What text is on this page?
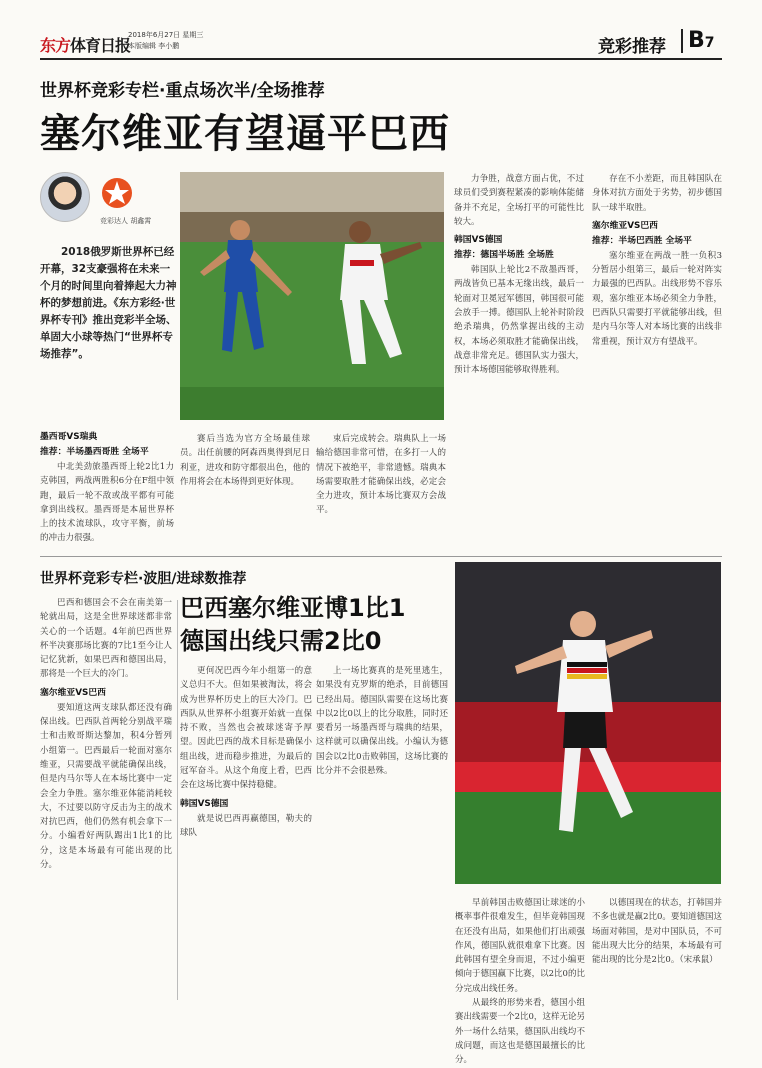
东方体育日报
2018年6月27日 星期三
本版编辑 李小鹏	竞彩推荐 B7
世界杯竞彩专栏·重点场次半/全场推荐
塞尔维亚有望逼平巴西
竞彩达人 胡鑫霄
2018俄罗斯世界杯已经开幕，32支豪强将在未来一个月的时间里向着捧起大力神杯的梦想前进。《东方彩经·世界杯专刊》推出竞彩半全场、单固大小球等热门“世界杯专场推荐”。
墨西哥VS瑞典
推荐：半场墨西哥胜 全场平

中北美劲旅墨西哥上轮2比1力克韩国，两战两胜积6分在F组中领跑，最后一轮不敌或战平都有可能拿到出线权。墨西哥是本届世界杯上的技术流球队，攻守平衡，前场的冲击力很强。

赛后当选为官方全场最佳球员。出任前腰的阿森西奥得到尼日利亚，进攻和防守都很出色，他的作用将会在本场得到更好体现。

束后完成转会。瑞典队上一场输给德国非常可惜，在多打一人的情况下被绝平，非常遗憾。瑞典本场需要取胜才能确保出线，必定会全力进攻，预计本场比赛双方会战平。

力争胜，战意方面占优，不过球员们受到赛程紧凑的影响体能储备并不充足，全场打平的可能性比较大。

韩国VS德国
推荐：德国半场胜 全场胜

韩国队上轮比2不敌墨西哥，两战皆负已基本无缘出线，最后一轮面对卫冕冠军德国，韩国很可能会放手一搏。德国队上轮补时阶段绝杀瑞典，仍然掌握出线的主动权，本场必须取胜才能确保出线，战意非常充足。德国队实力强大，预计本场德国能够取得胜利。

存在不小差距，而且韩国队在身体对抗方面处于劣势，初步德国队一球半取胜。

塞尔维亚VS巴西
推荐：半场巴西胜 全场平

塞尔维亚在两战一胜一负积3分暂居小组第三，最后一轮对阵实力最强的巴西队。出线形势不容乐观，塞尔维亚本场必须全力争胜，巴西队只需要打平就能够出线，但是内马尔等人对本场比赛的出线非常重视，预计双方有望战平。

世界杯竞彩专栏·波胆/进球数推荐
巴西塞尔维亚博1比1
德国出线只需2比0

巴西和德国会不会在南美第一轮就出局，这是全世界球迷都非常关心的一个话题。4年前巴西世界杯半决赛那场比赛的7比1至今让人记忆犹新，如果巴西和德国出局，那将是一个巨大的冷门。

塞尔维亚VS巴西

要知道这两支球队都还没有确保出线。巴西队首两轮分别战平瑞士和击败哥斯达黎加，积4分暂列小组第一。巴西最后一轮面对塞尔维亚，只需要战平就能确保出线，但是内马尔等人在本场比赛中一定会全力争胜。塞尔维亚体能消耗较大，不过要以防守反击为主的战术对抗巴西，他们仍然有机会拿下一分。小编看好两队踢出1比1的比分，这是本场最有可能出现的比分。

更何况巴西今年小组第一的意义总归不大。但如果被淘汰，将会成为世界杯历史上的巨大冷门。巴西队从世界杯小组赛开始就一直保持不败，当然也会被球迷寄予厚望。因此巴西的战术目标是确保小组出线，进而稳步推进，为最后的冠军奋斗。从这个角度上看，巴西会在这场比赛中保持稳健。

韩国VS德国

就是说巴西再赢德国，勒夫的球队

上一场比赛真的是死里逃生，如果没有克罗斯的绝杀，目前德国已经出局。德国队需要在这场比赛中以2比0以上的比分取胜，同时还要看另一场墨西哥与瑞典的结果，这样就可以确保出线。小编认为德国会以2比0击败韩国，这场比赛的比分并不会很悬殊。

早前韩国击败德国让球迷的小概率事件很难发生，但毕竟韩国现在还没有出局，如果他们打出顽强作风，德国队就很难拿下比赛。因此韩国有望全身而退，不过小编更倾向于德国赢下比赛，以2比0的比分完成出线任务。

从最终的形势来看，德国小组赛出线需要一个2比0，这样无论另外一场什么结果，德国队出线均不成问题，而这也是德国最擅长的比分。

以德国现在的状态，打韩国并不多也就是赢2比0。要知道德国这场面对韩国，是对中国队员，不可能出现大比分的结果，本场最有可能出现的比分是2比0。（宋承鼠）
